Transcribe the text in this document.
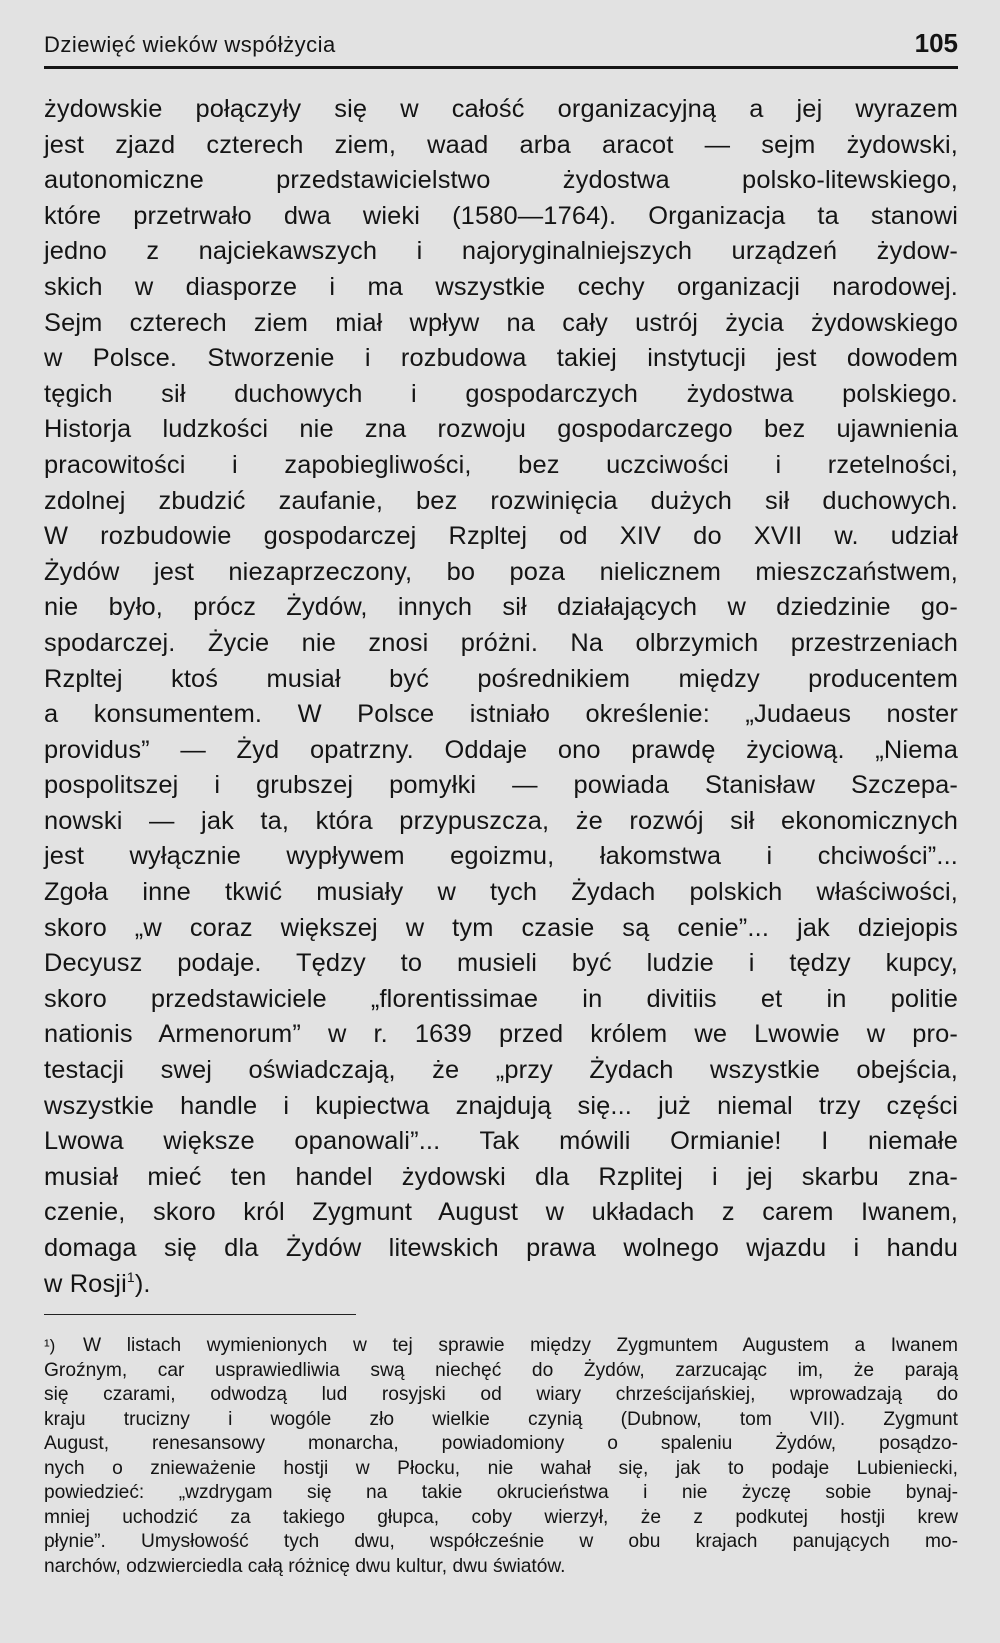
Dziewięć wieków współżycia	105
żydowskie połączyły się w całość organizacyjną a jej wyrazem
jest zjazd czterech ziem, waad arba aracot — sejm żydowski,
autonomiczne przedstawicielstwo żydostwa polsko-litewskiego,
które przetrwało dwa wieki (1580—1764). Organizacja ta stanowi
jedno z najciekawszych i najoryginalniejszych urządzeń żydow-
skich w diasporze i ma wszystkie cechy organizacji narodowej.
Sejm czterech ziem miał wpływ na cały ustrój życia żydowskiego
w Polsce. Stworzenie i rozbudowa takiej instytucji jest dowodem
tęgich sił duchowych i gospodarczych żydostwa polskiego.
Historja ludzkości nie zna rozwoju gospodarczego bez ujawnienia
pracowitości i zapobiegliwości, bez uczciwości i rzetelności,
zdolnej zbudzić zaufanie, bez rozwinięcia dużych sił duchowych.
W rozbudowie gospodarczej Rzpltej od XIV do XVII w. udział
Żydów jest niezaprzeczony, bo poza nielicznem mieszczaństwem,
nie było, prócz Żydów, innych sił działających w dziedzinie go-
spodarczej. Życie nie znosi próżni. Na olbrzymich przestrzeniach
Rzpltej ktoś musiał być pośrednikiem między producentem
a konsumentem. W Polsce istniało określenie: „Judaeus noster
providus” — Żyd opatrzny. Oddaje ono prawdę życiową. „Niema
pospolitszej i grubszej pomyłki — powiada Stanisław Szczepa-
nowski — jak ta, która przypuszcza, że rozwój sił ekonomicznych
jest wyłącznie wypływem egoizmu, łakomstwa i chciwości”...
Zgoła inne tkwić musiały w tych Żydach polskich właściwości,
skoro „w coraz większej w tym czasie są cenie”... jak dziejopis
Decyusz podaje. Tędzy to musieli być ludzie i tędzy kupcy,
skoro przedstawiciele „florentissimae in divitiis et in politie
nationis Armenorum” w r. 1639 przed królem we Lwowie w pro-
testacji swej oświadczają, że „przy Żydach wszystkie obejścia,
wszystkie handle i kupiectwa znajdują się... już niemal trzy części
Lwowa większe opanowali”... Tak mówili Ormianie! I niemałe
musiał mieć ten handel żydowski dla Rzplitej i jej skarbu zna-
czenie, skoro król Zygmunt August w układach z carem Iwanem,
domaga się dla Żydów litewskich prawa wolnego wjazdu i handu
w Rosji$^1$).
¹) W listach wymienionych w tej sprawie między Zygmuntem Augustem a Iwanem
Groźnym, car usprawiedliwia swą niechęć do Żydów, zarzucając im, że parają
się czarami, odwodzą lud rosyjski od wiary chrześcijańskiej, wprowadzają do
kraju trucizny i wogóle zło wielkie czynią (Dubnow, tom VII). Zygmunt
August, renesansowy monarcha, powiadomiony o spaleniu Żydów, posądzo-
nych o znieważenie hostji w Płocku, nie wahał się, jak to podaje Lubieniecki,
powiedzieć: „wzdrygam się na takie okrucieństwa i nie życzę sobie bynaj-
mniej uchodzić za takiego głupca, coby wierzył, że z podkutej hostji krew
płynie”. Umysłowość tych dwu, współcześnie w obu krajach panujących mo-
narchów, odzwierciedla całą różnicę dwu kultur, dwu światów.
